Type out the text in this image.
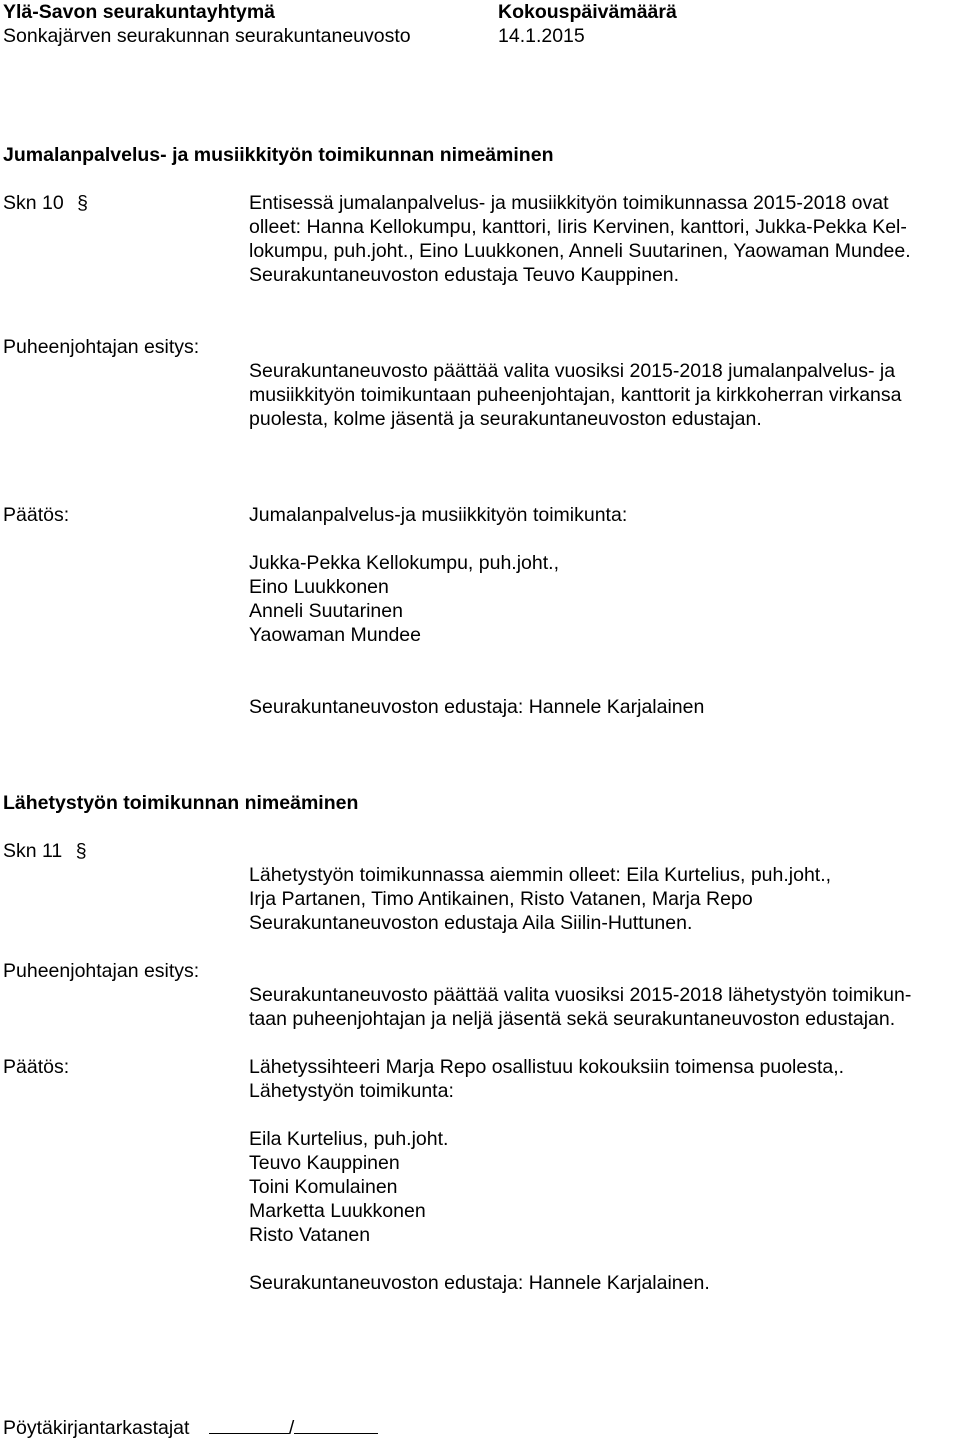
Ylä-Savon seurakuntayhtymä	Kokouspäivämäärä
Sonkajärven seurakunnan seurakuntaneuvosto	14.1.2015
Jumalanpalvelus- ja musiikkityön toimikunnan nimeäminen
Skn 10 §	Entisessä jumalanpalvelus- ja musiikkityön toimikunnassa 2015-2018 ovat
olleet: Hanna Kellokumpu, kanttori, Iiris Kervinen, kanttori, Jukka-Pekka Kel-
lokumpu, puh.joht., Eino Luukkonen, Anneli Suutarinen, Yaowaman Mundee.
Seurakuntaneuvoston edustaja Teuvo Kauppinen.
Puheenjohtajan esitys:
Seurakuntaneuvosto päättää valita vuosiksi 2015-2018 jumalanpalvelus- ja
musiikkityön toimikuntaan puheenjohtajan, kanttorit ja kirkkoherran virkansa
puolesta, kolme jäsentä ja seurakuntaneuvoston edustajan.
Päätös:	Jumalanpalvelus-ja musiikkityön toimikunta:
Jukka-Pekka Kellokumpu, puh.joht.,
Eino Luukkonen
Anneli Suutarinen
Yaowaman Mundee
Seurakuntaneuvoston edustaja: Hannele Karjalainen
Lähetystyön toimikunnan nimeäminen
Skn 11 §
Lähetystyön toimikunnassa aiemmin olleet: Eila Kurtelius, puh.joht.,
Irja Partanen, Timo Antikainen, Risto Vatanen, Marja Repo
Seurakuntaneuvoston edustaja Aila Siilin-Huttunen.
Puheenjohtajan esitys:
Seurakuntaneuvosto päättää valita vuosiksi 2015-2018 lähetystyön toimikun-
taan puheenjohtajan ja neljä jäsentä sekä seurakuntaneuvoston edustajan.
Päätös:	Lähetyssihteeri Marja Repo osallistuu kokouksiin toimensa puolesta,.
Lähetystyön toimikunta:
Eila Kurtelius, puh.joht.
Teuvo Kauppinen
Toini Komulainen
Marketta Luukkonen
Risto Vatanen
Seurakuntaneuvoston edustaja: Hannele Karjalainen.
Pöytäkirjantarkastajat	/
